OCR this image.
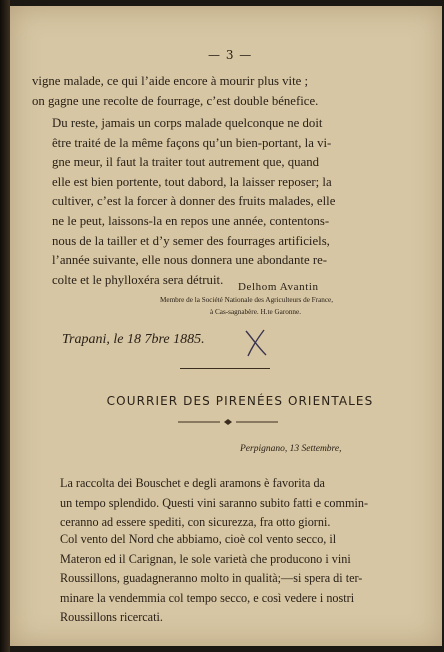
— 3 —
vigne malade, ce qui l’aide encore à mourir plus vite ;
on gagne une recolte de fourrage, c’est double bénefice.
Du reste, jamais un corps malade quelconque ne doit
être traité de la même façons qu’un bien-portant, la vi-
gne meur, il faut la traiter tout autrement que, quand
elle est bien portente, tout dabord, la laisser reposer; la
cultiver, c’est la forcer à donner des fruits malades, elle
ne le peut, laissons-la en repos une année, contentons-
nous de la tailler et d’y semer des fourrages artificiels,
l’année suivante, elle nous donnera une abondante re-
colte et le phylloxéra sera détruit.
Delhom Avantin
Membre de la Société Nationale des Agriculteurs de France,
à Cas-sagnabère. H.te Garonne.
Trapani, le 18 7bre 1885.
COURRIER DES PIRENÉES ORIENTALES
Perpignano, 13 Settembre,
La raccolta dei Bouschet e degli aramons è favorita da
un tempo splendido. Questi vini saranno subito fatti e commin-
ceranno ad essere spediti, con sicurezza, fra otto giorni.
Col vento del Nord che abbiamo, cioè col vento secco, il
Materon ed il Carignan, le sole varietà che producono i vini
Roussillons, guadagneranno molto in qualità;—si spera di ter-
minare la vendemmia col tempo secco, e così vedere i nostri
Roussillons ricercati.
